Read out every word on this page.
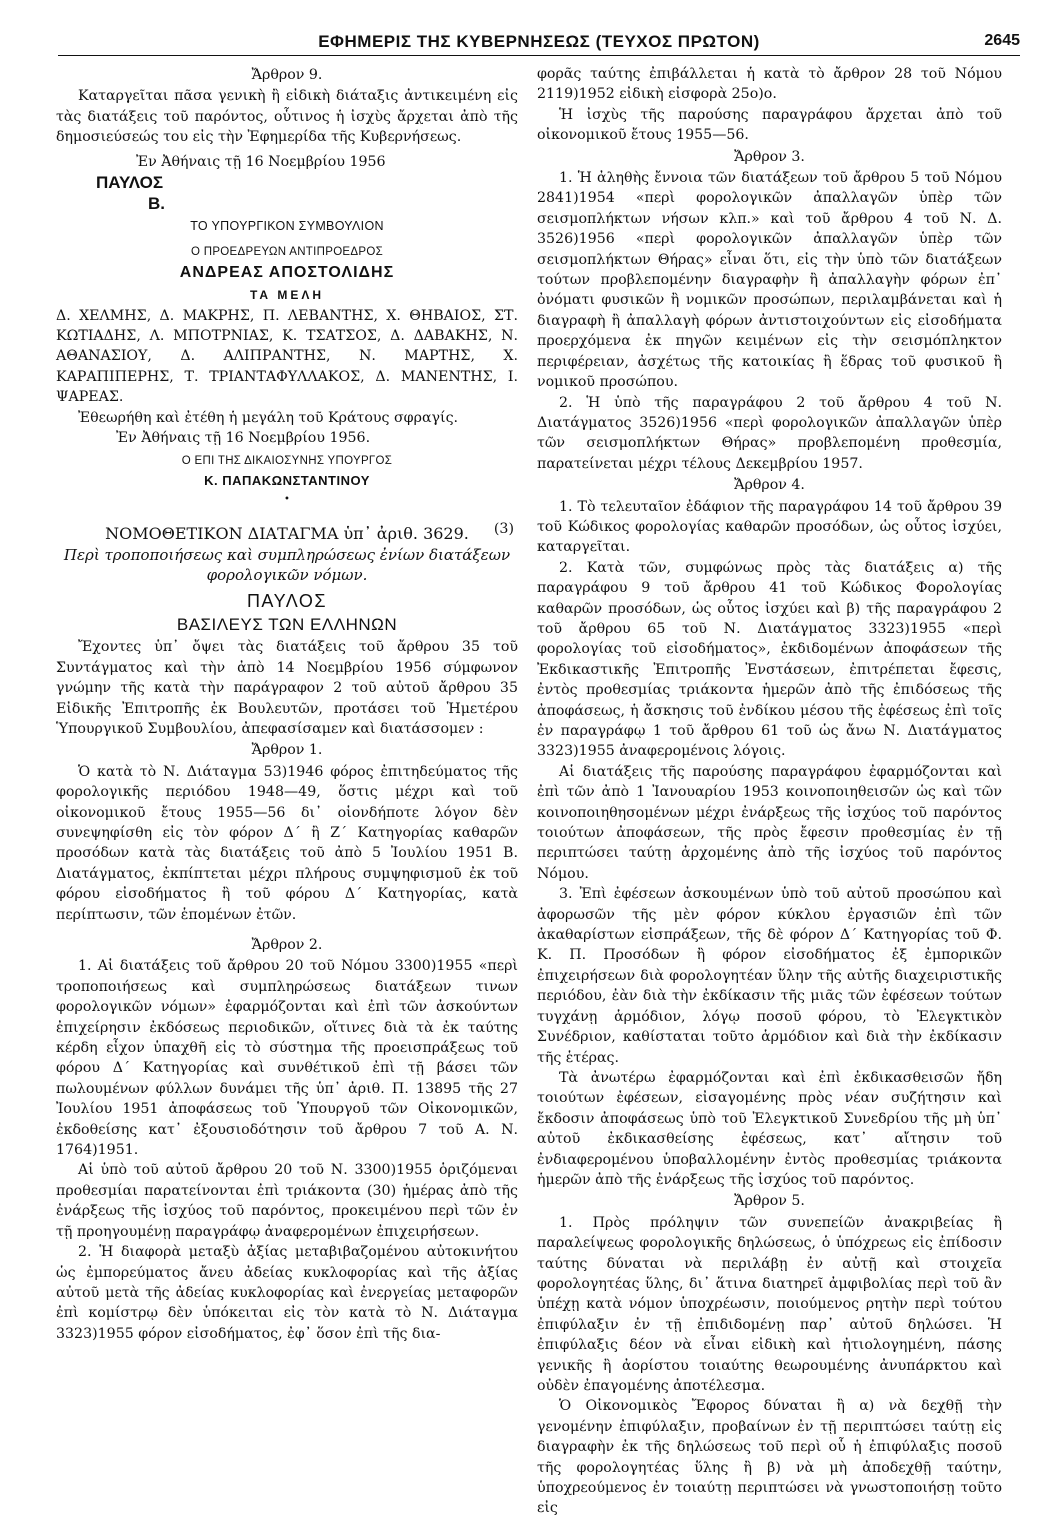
ΕΦΗΜΕΡΙΣ ΤΗΣ ΚΥΒΕΡΝΗΣΕΩΣ (ΤΕΥΧΟΣ ΠΡΩΤΟΝ)	2645

Ἄρθρον 9.

Καταργεῖται πᾶσα γενικὴ ἢ εἰδικὴ διάταξις ἀντικειμένη εἰς τὰς διατάξεις τοῦ παρόντος, οὗτινος ἡ ἰσχὺς ἄρχεται ἀπὸ τῆς δημοσιεύσεώς του εἰς τὴν Ἐφημερίδα τῆς Κυβερνήσεως.

Ἐν Ἀθήναις τῇ 16 Νοεμβρίου 1956

ΠΑΥΛΟΣ

Β.

ΤΟ ΥΠΟΥΡΓΙΚΟΝ ΣΥΜΒΟΥΛΙΟΝ

Ο ΠΡΟΕΔΡΕΥΩΝ ΑΝΤΙΠΡΟΕΔΡΟΣ

ΑΝΔΡΕΑΣ ΑΠΟΣΤΟΛΙΔΗΣ

ΤΑ ΜΕΛΗ

Δ. ΧΕΛΜΗΣ, Δ. ΜΑΚΡΗΣ, Π. ΛΕΒΑΝΤΗΣ, Χ. ΘΗΒΑΙΟΣ, ΣΤ. ΚΩΤΙΑΔΗΣ, Λ. ΜΠΟΤΡΝΙΑΣ, Κ. ΤΣΑΤΣΟΣ, Δ. ΔΑΒΑΚΗΣ, Ν. ΑΘΑΝΑΣΙΟΥ, Δ. ΑΛΙΠΡΑΝΤΗΣ, Ν. ΜΑΡΤΗΣ, Χ. ΚΑΡΑΠΙΠΕΡΗΣ, Τ. ΤΡΙΑΝΤΑΦΥΛΛΑΚΟΣ, Δ. ΜΑΝΕΝΤΗΣ, Ι. ΨΑΡΕΑΣ.

Ἐθεωρήθη καὶ ἐτέθη ἡ μεγάλη τοῦ Κράτους σφραγίς.

Ἐν Ἀθήναις τῇ 16 Νοεμβρίου 1956.

Ο ΕΠΙ ΤΗΣ ΔΙΚΑΙΟΣΥΝΗΣ ΥΠΟΥΡΓΟΣ

Κ. ΠΑΠΑΚΩΝΣΤΑΝΤΙΝΟΥ

•

(3)

ΝΟΜΟΘΕΤΙΚΟΝ ΔΙΑΤΑΓΜΑ ὑπ᾽ ἀριθ. 3629.

Περὶ τροποποιήσεως καὶ συμπληρώσεως ἐνίων διατάξεων φορολογικῶν νόμων.

ΠΑΥΛΟΣ

ΒΑΣΙΛΕΥΣ ΤΩΝ ΕΛΛΗΝΩΝ

Ἔχοντες ὑπ᾽ ὄψει τὰς διατάξεις τοῦ ἄρθρου 35 τοῦ Συντάγματος καὶ τὴν ἀπὸ 14 Νοεμβρίου 1956 σύμφωνον γνώμην τῆς κατὰ τὴν παράγραφον 2 τοῦ αὐτοῦ ἄρθρου 35 Εἰδικῆς Ἐπιτροπῆς ἐκ Βουλευτῶν, προτάσει τοῦ Ἡμετέρου Ὑπουργικοῦ Συμβουλίου, ἀπεφασίσαμεν καὶ διατάσσομεν :

Ἄρθρον 1.

Ὁ κατὰ τὸ Ν. Διάταγμα 53)1946 φόρος ἐπιτηδεύματος τῆς φορολογικῆς περιόδου 1948—49, ὅστις μέχρι καὶ τοῦ οἰκονομικοῦ ἔτους 1955—56 δι᾽ οἱονδήποτε λόγον δὲν συνεψηφίσθη εἰς τὸν φόρον Δ΄ ἢ Ζ΄ Κατηγορίας καθαρῶν προσόδων κατὰ τὰς διατάξεις τοῦ ἀπὸ 5 Ἰουλίου 1951 Β. Διατάγματος, ἐκπίπτεται μέχρι πλήρους συμψηφισμοῦ ἐκ τοῦ φόρου εἰσοδήματος ἢ τοῦ φόρου Δ΄ Κατηγορίας, κατὰ περίπτωσιν, τῶν ἑπομένων ἐτῶν.

Ἄρθρον 2.

1. Αἱ διατάξεις τοῦ ἄρθρου 20 τοῦ Νόμου 3300)1955 «περὶ τροποποιήσεως καὶ συμπληρώσεως διατάξεων τινων φορολογικῶν νόμων» ἐφαρμόζονται καὶ ἐπὶ τῶν ἀσκούντων ἐπιχείρησιν ἐκδόσεως περιοδικῶν, οἵτινες διὰ τὰ ἐκ ταύτης κέρδη εἶχον ὑπαχθῆ εἰς τὸ σύστημα τῆς προεισπράξεως τοῦ φόρου Δ΄ Κατηγορίας καὶ συνθέτικοῦ ἐπὶ τῇ βάσει τῶν πωλουμένων φύλλων δυνάμει τῆς ὑπ᾽ ἀριθ. Π. 13895 τῆς 27 Ἰουλίου 1951 ἀποφάσεως τοῦ Ὑπουργοῦ τῶν Οἰκονομικῶν, ἐκδοθείσης κατ᾽ ἐξουσιοδότησιν τοῦ ἄρθρου 7 τοῦ Α. Ν. 1764)1951.

Αἱ ὑπὸ τοῦ αὐτοῦ ἄρθρου 20 τοῦ Ν. 3300)1955 ὁριζόμεναι προθεσμίαι παρατείνονται ἐπὶ τριάκοντα (30) ἡμέρας ἀπὸ τῆς ἐνάρξεως τῆς ἰσχύος τοῦ παρόντος, προκειμένου περὶ τῶν ἐν τῇ προηγουμένῃ παραγράφῳ ἀναφερομένων ἐπιχειρήσεων.

2. Ἡ διαφορὰ μεταξὺ ἀξίας μεταβιβαζομένου αὐτοκινήτου ὡς ἐμπορεύματος ἄνευ ἀδείας κυκλοφορίας καὶ τῆς ἀξίας αὐτοῦ μετὰ τῆς ἀδείας κυκλοφορίας καὶ ἐνεργείας μεταφορῶν ἐπὶ κομίστρῳ δὲν ὑπόκειται εἰς τὸν κατὰ τὸ Ν. Διάταγμα 3323)1955 φόρον εἰσοδήματος, ἐφ᾽ ὅσον ἐπὶ τῆς δια-

φορᾶς ταύτης ἐπιβάλλεται ἡ κατὰ τὸ ἄρθρον 28 τοῦ Νόμου 2119)1952 εἰδικὴ εἰσφορὰ 25ο)ο.

Ἡ ἰσχὺς τῆς παρούσης παραγράφου ἄρχεται ἀπὸ τοῦ οἰκονομικοῦ ἔτους 1955—56.

Ἄρθρον 3.

1. Ἡ ἀληθὴς ἔννοια τῶν διατάξεων τοῦ ἄρθρου 5 τοῦ Νόμου 2841)1954 «περὶ φορολογικῶν ἀπαλλαγῶν ὑπὲρ τῶν σεισμοπλήκτων νήσων κλπ.» καὶ τοῦ ἄρθρου 4 τοῦ Ν. Δ. 3526)1956 «περὶ φορολογικῶν ἀπαλλαγῶν ὑπὲρ τῶν σεισμοπλήκτων Θήρας» εἶναι ὅτι, εἰς τὴν ὑπὸ τῶν διατάξεων τούτων προβλεπομένην διαγραφὴν ἢ ἀπαλλαγὴν φόρων ἐπ᾽ ὀνόματι φυσικῶν ἢ νομικῶν προσώπων, περιλαμβάνεται καὶ ἡ διαγραφὴ ἢ ἀπαλλαγὴ φόρων ἀντιστοιχούντων εἰς εἰσοδήματα προερχόμενα ἐκ πηγῶν κειμένων εἰς τὴν σεισμόπληκτον περιφέρειαν, ἀσχέτως τῆς κατοικίας ἢ ἕδρας τοῦ φυσικοῦ ἢ νομικοῦ προσώπου.

2. Ἡ ὑπὸ τῆς παραγράφου 2 τοῦ ἄρθρου 4 τοῦ Ν. Διατάγματος 3526)1956 «περὶ φορολογικῶν ἀπαλλαγῶν ὑπὲρ τῶν σεισμοπλήκτων Θήρας» προβλεπομένη προθεσμία, παρατείνεται μέχρι τέλους Δεκεμβρίου 1957.

Ἄρθρον 4.

1. Τὸ τελευταῖον ἐδάφιον τῆς παραγράφου 14 τοῦ ἄρθρου 39 τοῦ Κώδικος φορολογίας καθαρῶν προσόδων, ὡς οὗτος ἰσχύει, καταργεῖται.

2. Κατὰ τῶν, συμφώνως πρὸς τὰς διατάξεις α) τῆς παραγράφου 9 τοῦ ἄρθρου 41 τοῦ Κώδικος Φορολογίας καθαρῶν προσόδων, ὡς οὗτος ἰσχύει καὶ β) τῆς παραγράφου 2 τοῦ ἄρθρου 65 τοῦ Ν. Διατάγματος 3323)1955 «περὶ φορολογίας τοῦ εἰσοδήματος», ἐκδιδομένων ἀποφάσεων τῆς Ἐκδικαστικῆς Ἐπιτροπῆς Ἐνστάσεων, ἐπιτρέπεται ἔφεσις, ἐντὸς προθεσμίας τριάκοντα ἡμερῶν ἀπὸ τῆς ἐπιδόσεως τῆς ἀποφάσεως, ἡ ἄσκησις τοῦ ἐνδίκου μέσου τῆς ἐφέσεως ἐπὶ τοῖς ἐν παραγράφῳ 1 τοῦ ἄρθρου 61 τοῦ ὡς ἄνω Ν. Διατάγματος 3323)1955 ἀναφερομένοις λόγοις.

Αἱ διατάξεις τῆς παρούσης παραγράφου ἐφαρμόζονται καὶ ἐπὶ τῶν ἀπὸ 1 Ἰανουαρίου 1953 κοινοποιηθεισῶν ὡς καὶ τῶν κοινοποιηθησομένων μέχρι ἐνάρξεως τῆς ἰσχύος τοῦ παρόντος τοιούτων ἀποφάσεων, τῆς πρὸς ἔφεσιν προθεσμίας ἐν τῇ περιπτώσει ταύτῃ ἀρχομένης ἀπὸ τῆς ἰσχύος τοῦ παρόντος Νόμου.

3. Ἐπὶ ἐφέσεων ἀσκουμένων ὑπὸ τοῦ αὐτοῦ προσώπου καὶ ἀφορωσῶν τῆς μὲν φόρον κύκλου ἐργασιῶν ἐπὶ τῶν ἀκαθαρίστων εἰσπράξεων, τῆς δὲ φόρον Δ΄ Κατηγορίας τοῦ Φ. Κ. Π. Προσόδων ἢ φόρον εἰσοδήματος ἐξ ἐμπορικῶν ἐπιχειρήσεων διὰ φορολογητέαν ὕλην τῆς αὐτῆς διαχειριστικῆς περιόδου, ἐὰν διὰ τὴν ἐκδίκασιν τῆς μιᾶς τῶν ἐφέσεων τούτων τυγχάνῃ ἁρμόδιον, λόγῳ ποσοῦ φόρου, τὸ Ἐλεγκτικὸν Συνέδριον, καθίσταται τοῦτο ἁρμόδιον καὶ διὰ τὴν ἐκδίκασιν τῆς ἑτέρας.

Τὰ ἀνωτέρω ἐφαρμόζονται καὶ ἐπὶ ἐκδικασθεισῶν ἤδη τοιούτων ἐφέσεων, εἰσαγομένης πρὸς νέαν συζήτησιν καὶ ἔκδοσιν ἀποφάσεως ὑπὸ τοῦ Ἐλεγκτικοῦ Συνεδρίου τῆς μὴ ὑπ᾽ αὐτοῦ ἐκδικασθείσης ἐφέσεως, κατ᾽ αἴτησιν τοῦ ἐνδιαφερομένου ὑποβαλλομένην ἐντὸς προθεσμίας τριάκοντα ἡμερῶν ἀπὸ τῆς ἐνάρξεως τῆς ἰσχύος τοῦ παρόντος.

Ἄρθρον 5.

1. Πρὸς πρόληψιν τῶν συνεπείῶν ἀνακριβείας ἢ παραλείψεως φορολογικῆς δηλώσεως, ὁ ὑπόχρεως εἰς ἐπίδοσιν ταύτης δύναται νὰ περιλάβῃ ἐν αὐτῇ καὶ στοιχεῖα φορολογητέας ὕλης, δι᾽ ἅτινα διατηρεῖ ἀμφιβολίας περὶ τοῦ ἂν ὑπέχῃ κατὰ νόμον ὑποχρέωσιν, ποιούμενος ρητὴν περὶ τούτου ἐπιφύλαξιν ἐν τῇ ἐπιδιδομένῃ παρ᾽ αὐτοῦ δηλώσει. Ἡ ἐπιφύλαξις δέον νὰ εἶναι εἰδικὴ καὶ ἠτιολογημένη, πάσης γενικῆς ἢ ἀορίστου τοιαύτης θεωρουμένης ἀνυπάρκτου καὶ οὐδὲν ἐπαγομένης ἀποτέλεσμα.

Ὁ Οἰκονομικὸς Ἔφορος δύναται ἢ α) νὰ δεχθῇ τὴν γενομένην ἐπιφύλαξιν, προβαίνων ἐν τῇ περιπτώσει ταύτῃ εἰς διαγραφὴν ἐκ τῆς δηλώσεως τοῦ περὶ οὗ ἡ ἐπιφύλαξις ποσοῦ τῆς φορολογητέας ὕλης ἢ β) νὰ μὴ ἀποδεχθῇ ταύτην, ὑποχρεούμενος ἐν τοιαύτῃ περιπτώσει νὰ γνωστοποιήσῃ τοῦτο εἰς
